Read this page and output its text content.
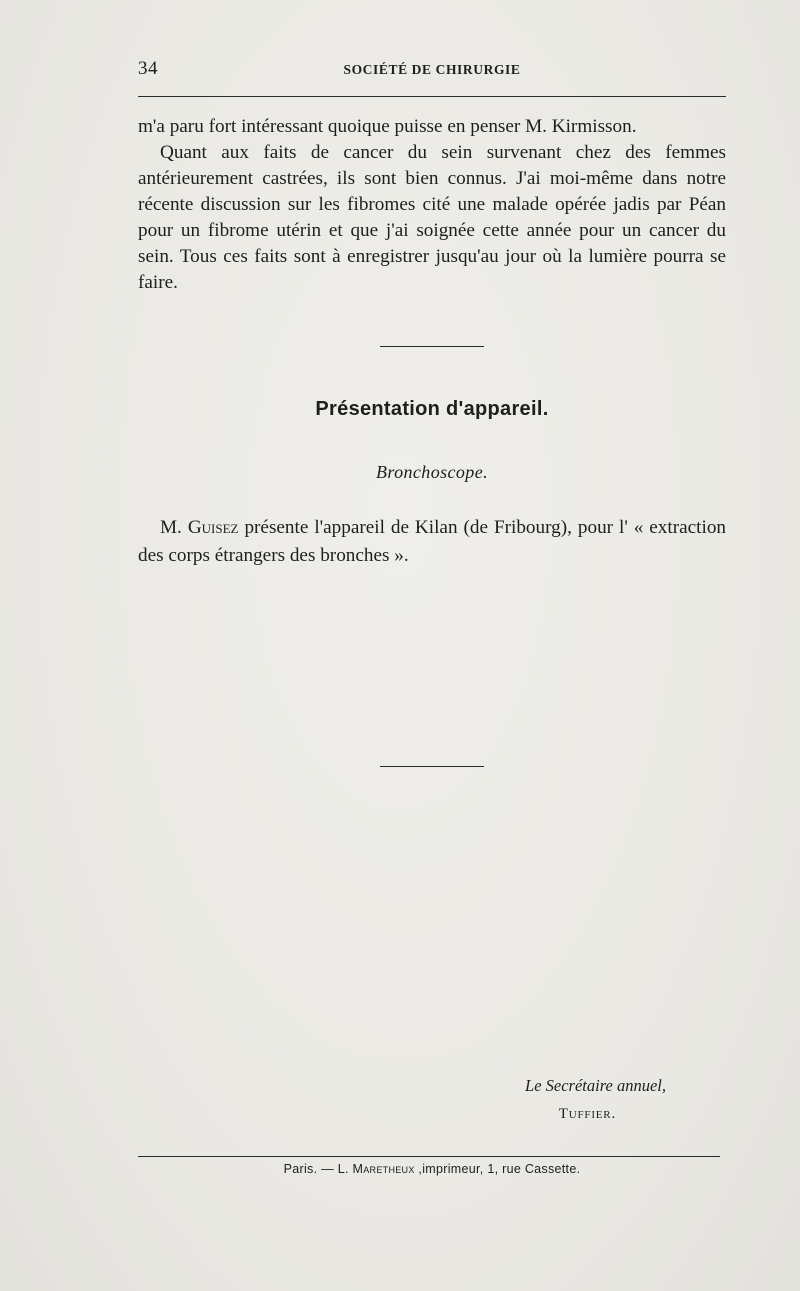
34	SOCIÉTÉ DE CHIRURGIE

m'a paru fort intéressant quoique puisse en penser M. Kirmisson.

Quant aux faits de cancer du sein survenant chez des femmes antérieurement castrées, ils sont bien connus. J'ai moi-même dans notre récente discussion sur les fibromes cité une malade opérée jadis par Péan pour un fibrome utérin et que j'ai soignée cette année pour un cancer du sein. Tous ces faits sont à enregistrer jusqu'au jour où la lumière pourra se faire.

Présentation d'appareil.
Bronchoscope.

M. Guisez présente l'appareil de Kilan (de Fribourg), pour l' « extraction des corps étrangers des bronches ».

Le Secrétaire annuel,
Tuffier.
Paris. — L. Maretheux ,imprimeur, 1, rue Cassette.
